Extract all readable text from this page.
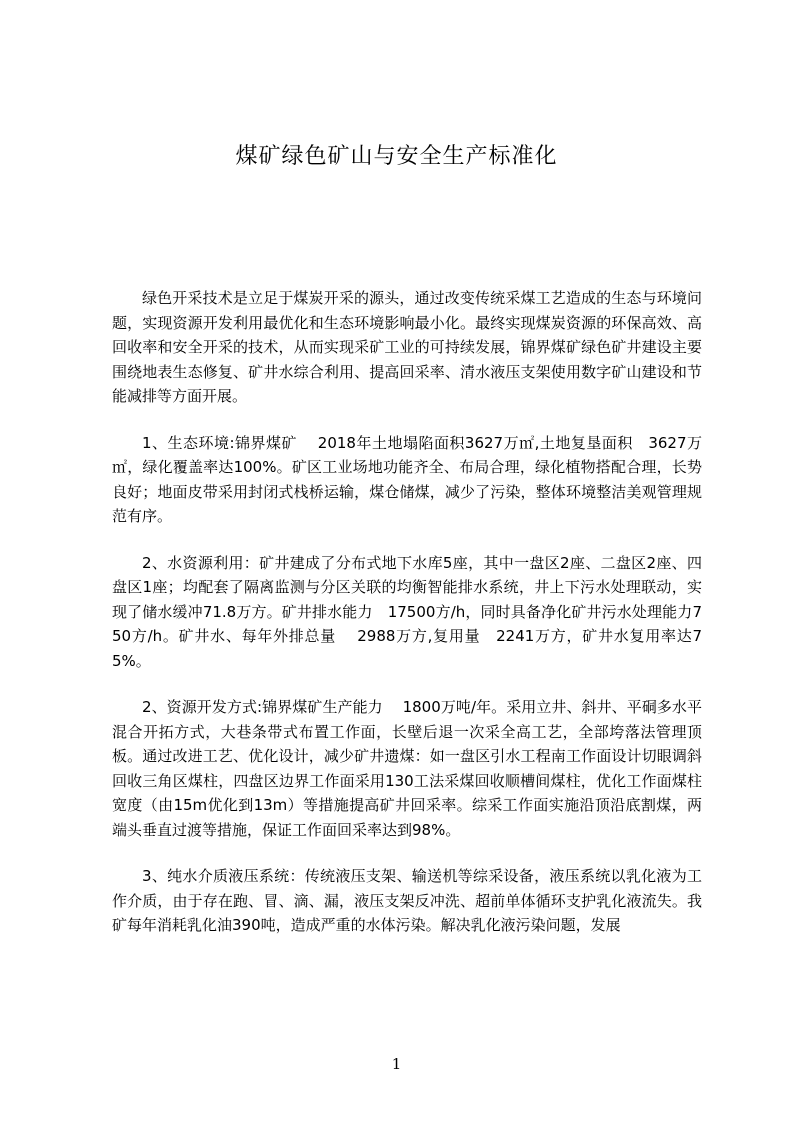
煤矿绿色矿山与安全生产标准化

绿色开采技术是立足于煤炭开采的源头，通过改变传统采煤工艺造成的生态与环境问题，实现资源开发利用最优化和生态环境影响最小化。最终实现煤炭资源的环保高效、高回收率和安全开采的技术，从而实现采矿工业的可持续发展，锦界煤矿绿色矿井建设主要围绕地表生态修复、矿井水综合利用、提高回采率、清水液压支架使用数字矿山建设和节能减排等方面开展。

1、生态环境:锦界煤矿　 2018年土地塌陷面积3627万㎡,土地复垦面积　3627万㎡，绿化覆盖率达100%。矿区工业场地功能齐全、布局合理，绿化植物搭配合理，长势良好；地面皮带采用封闭式栈桥运输，煤仓储煤，减少了污染，整体环境整洁美观管理规范有序。

2、水资源利用：矿井建成了分布式地下水库5座，其中一盘区2座、二盘区2座、四盘区1座；均配套了隔离监测与分区关联的均衡智能排水系统，井上下污水处理联动，实现了储水缓冲71.8万方。矿井排水能力　17500方/h，同时具备净化矿井污水处理能力750方/h。矿井水、每年外排总量　 2988万方,复用量　2241万方，矿井水复用率达75%。

2、资源开发方式:锦界煤矿生产能力　 1800万吨/年。采用立井、斜井、平硐多水平混合开拓方式，大巷条带式布置工作面，长壁后退一次采全高工艺，全部垮落法管理顶板。通过改进工艺、优化设计，减少矿井遗煤：如一盘区引水工程南工作面设计切眼调斜回收三角区煤柱，四盘区边界工作面采用130工法采煤回收顺槽间煤柱，优化工作面煤柱宽度（由15m优化到13m）等措施提高矿井回采率。综采工作面实施沿顶沿底割煤，两端头垂直过渡等措施，保证工作面回采率达到98%。

3、纯水介质液压系统：传统液压支架、输送机等综采设备，液压系统以乳化液为工作介质，由于存在跑、冒、滴、漏，液压支架反冲洗、超前单体循环支护乳化液流失。我矿每年消耗乳化油390吨，造成严重的水体污染。解决乳化液污染问题，发展

1
